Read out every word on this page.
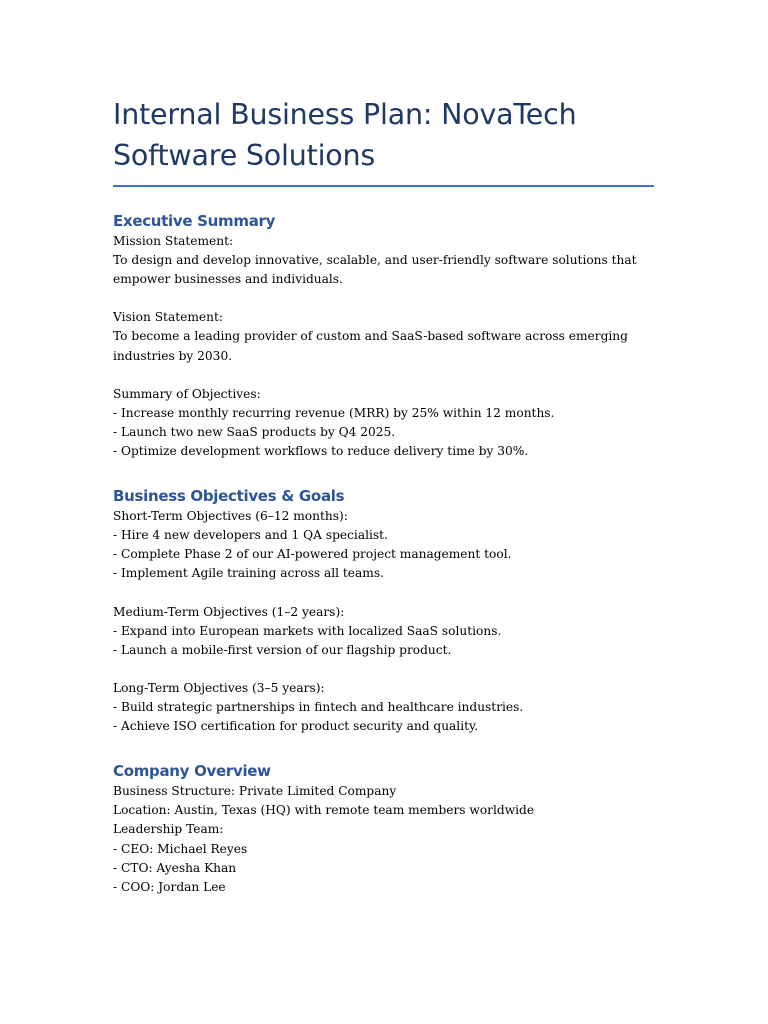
Internal Business Plan: NovaTech
Software Solutions
Executive Summary

Mission Statement:

To design and develop innovative, scalable, and user-friendly software solutions that

empower businesses and individuals.

Vision Statement:

To become a leading provider of custom and SaaS-based software across emerging

industries by 2030.

Summary of Objectives:

- Increase monthly recurring revenue (MRR) by 25% within 12 months.

- Launch two new SaaS products by Q4 2025.

- Optimize development workflows to reduce delivery time by 30%.

Business Objectives & Goals

Short-Term Objectives (6–12 months):

- Hire 4 new developers and 1 QA specialist.

- Complete Phase 2 of our AI-powered project management tool.

- Implement Agile training across all teams.

Medium-Term Objectives (1–2 years):

- Expand into European markets with localized SaaS solutions.

- Launch a mobile-first version of our flagship product.

Long-Term Objectives (3–5 years):

- Build strategic partnerships in fintech and healthcare industries.

- Achieve ISO certification for product security and quality.

Company Overview

Business Structure: Private Limited Company

Location: Austin, Texas (HQ) with remote team members worldwide

Leadership Team:

- CEO: Michael Reyes

- CTO: Ayesha Khan

- COO: Jordan Lee
